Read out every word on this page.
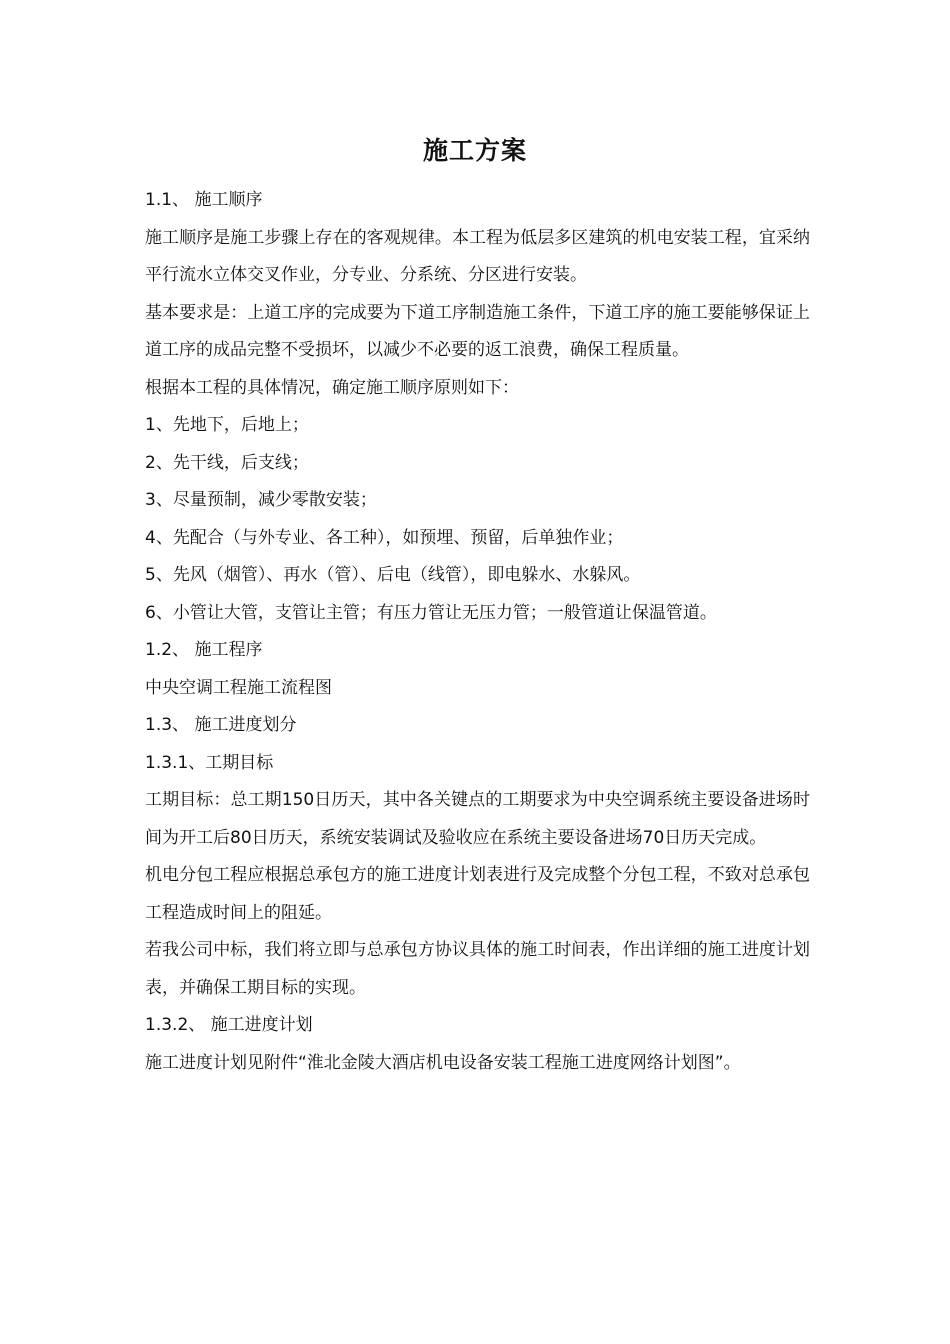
施工方案

1.1、 施工顺序

施工顺序是施工步骤上存在的客观规律。本工程为低层多区建筑的机电安装工程，宜采纳平行流水立体交叉作业，分专业、分系统、分区进行安装。

基本要求是：上道工序的完成要为下道工序制造施工条件，下道工序的施工要能够保证上道工序的成品完整不受损坏，以减少不必要的返工浪费，确保工程质量。

根据本工程的具体情况，确定施工顺序原则如下：

1、先地下，后地上；

2、先干线，后支线；

3、尽量预制，减少零散安装；

4、先配合（与外专业、各工种），如预埋、预留，后单独作业；

5、先风（烟管）、再水（管）、后电（线管），即电躲水、水躲风。

6、小管让大管，支管让主管；有压力管让无压力管；一般管道让保温管道。

1.2、 施工程序

中央空调工程施工流程图

1.3、 施工进度划分

1.3.1、工期目标

工期目标：总工期150日历天，其中各关键点的工期要求为中央空调系统主要设备进场时间为开工后80日历天，系统安装调试及验收应在系统主要设备进场70日历天完成。

机电分包工程应根据总承包方的施工进度计划表进行及完成整个分包工程，不致对总承包工程造成时间上的阻延。

若我公司中标，我们将立即与总承包方协议具体的施工时间表，作出详细的施工进度计划表，并确保工期目标的实现。

1.3.2、 施工进度计划

施工进度计划见附件“淮北金陵大酒店机电设备安装工程施工进度网络计划图”。
